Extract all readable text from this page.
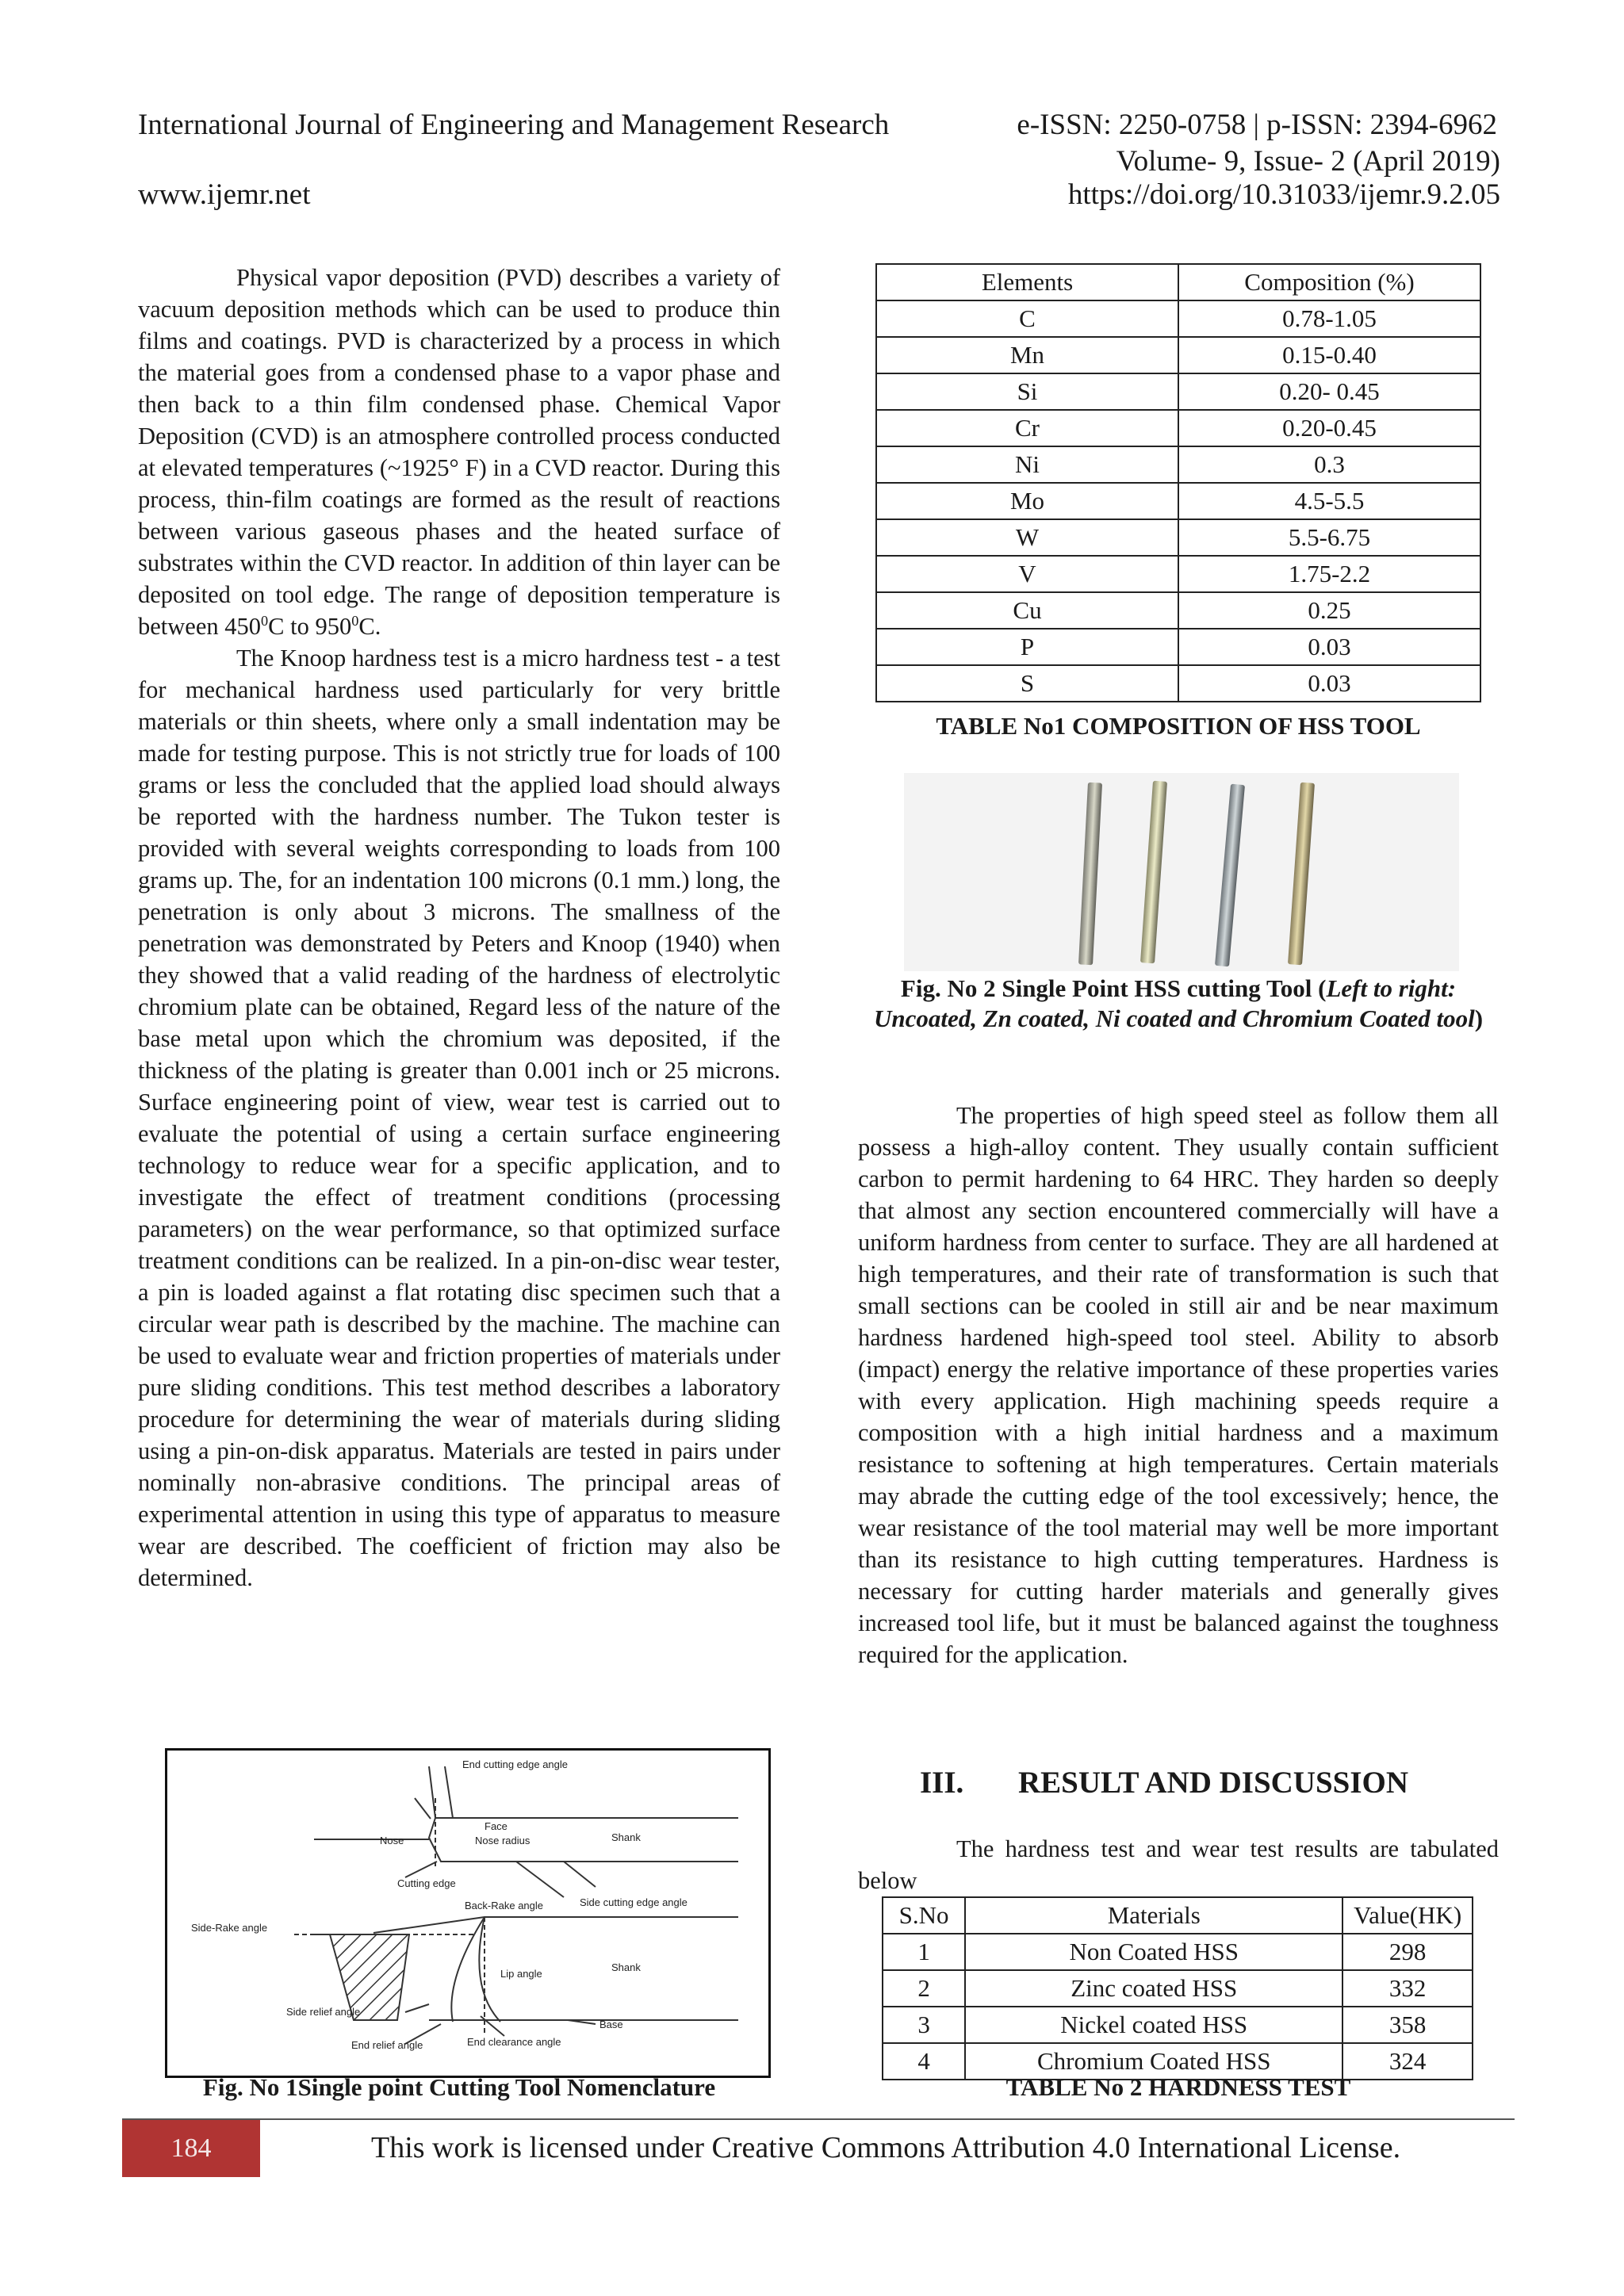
International Journal of Engineering and Management Research	e-ISSN: 2250-0758 | p-ISSN: 2394-6962
Volume- 9, Issue- 2 (April 2019)
www.ijemr.net	https://doi.org/10.31033/ijemr.9.2.05

Physical vapor deposition (PVD) describes a variety of vacuum deposition methods which can be used to produce thin films and coatings. PVD is characterized by a process in which the material goes from a condensed phase to a vapor phase and then back to a thin film condensed phase. Chemical Vapor Deposition (CVD) is an atmosphere controlled process conducted at elevated temperatures (~1925° F) in a CVD reactor. During this process, thin-film coatings are formed as the result of reactions between various gaseous phases and the heated surface of substrates within the CVD reactor. In addition of thin layer can be deposited on tool edge. The range of deposition temperature is between $450^0C$ to $950^0C$.

The Knoop hardness test is a micro hardness test - a test for mechanical hardness used particularly for very brittle materials or thin sheets, where only a small indentation may be made for testing purpose. This is not strictly true for loads of 100 grams or less the concluded that the applied load should always be reported with the hardness number. The Tukon tester is provided with several weights corresponding to loads from 100 grams up. The, for an indentation 100 microns (0.1 mm.) long, the penetration is only about 3 microns. The smallness of the penetration was demonstrated by Peters and Knoop (1940) when they showed that a valid reading of the hardness of electrolytic chromium plate can be obtained, Regard less of the nature of the base metal upon which the chromium was deposited, if the thickness of the plating is greater than 0.001 inch or 25 microns. Surface engineering point of view, wear test is carried out to evaluate the potential of using a certain surface engineering technology to reduce wear for a specific application, and to investigate the effect of treatment conditions (processing parameters) on the wear performance, so that optimized surface treatment conditions can be realized. In a pin-on-disc wear tester, a pin is loaded against a flat rotating disc specimen such that a circular wear path is described by the machine. The machine can be used to evaluate wear and friction properties of materials under pure sliding conditions. This test method describes a laboratory procedure for determining the wear of materials during sliding using a pin-on-disk apparatus. Materials are tested in pairs under nominally non-abrasive conditions. The principal areas of experimental attention in using this type of apparatus to measure wear are described. The coefficient of friction may also be determined.

End cutting edge angle
Face
Nose	Nose radius	Shank
Cutting edge
Back-Rake angle	Side cutting edge angle
Side-Rake angle
Lip angle
Shank
Side relief angle
Base
End relief angle	End clearance angle
Fig. No 1Single point Cutting Tool Nomenclature
Elements	Composition (%)
C	0.78-1.05
Mn	0.15-0.40
Si	0.20- 0.45
Cr	0.20-0.45
Ni	0.3
Mo	4.5-5.5
W	5.5-6.75
V	1.75-2.2
Cu	0.25
P	0.03
S	0.03
TABLE No1 COMPOSITION OF HSS TOOL
Fig. No 2 Single Point HSS cutting Tool (Left to right: Uncoated, Zn coated, Ni coated and Chromium Coated tool)

The properties of high speed steel as follow them all possess a high-alloy content. They usually contain sufficient carbon to permit hardening to 64 HRC. They harden so deeply that almost any section encountered commercially will have a uniform hardness from center to surface. They are all hardened at high temperatures, and their rate of transformation is such that small sections can be cooled in still air and be near maximum hardness hardened high-speed tool steel. Ability to absorb (impact) energy the relative importance of these properties varies with every application. High machining speeds require a composition with a high initial hardness and a maximum resistance to softening at high temperatures. Certain materials may abrade the cutting edge of the tool excessively; hence, the wear resistance of the tool material may well be more important than its resistance to high cutting temperatures. Hardness is necessary for cutting harder materials and generally gives increased tool life, but it must be balanced against the toughness required for the application.

III. RESULT AND DISCUSSION

The hardness test and wear test results are tabulated below

S.No	Materials	Value(HK)
1	Non Coated HSS	298
2	Zinc coated HSS	332
3	Nickel coated HSS	358
4	Chromium Coated HSS	324
TABLE No 2 HARDNESS TEST
184	This work is licensed under Creative Commons Attribution 4.0 International License.
